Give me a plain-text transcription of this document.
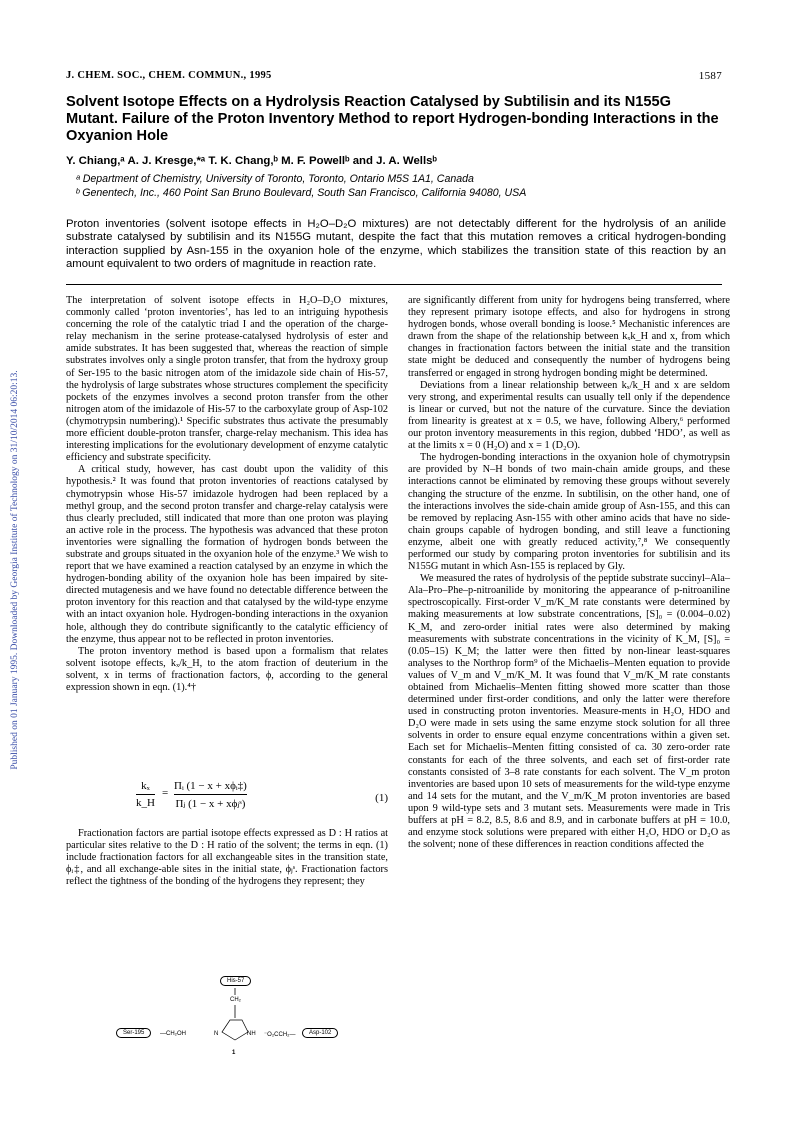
Published on 01 January 1995. Downloaded by Georgia Institute of Technology on 31/10/2014 06:20:13.
J. CHEM. SOC., CHEM. COMMUN., 1995	1587
Solvent Isotope Effects on a Hydrolysis Reaction Catalysed by Subtilisin and its N155G Mutant. Failure of the Proton Inventory Method to report Hydrogen-bonding Interactions in the Oxyanion Hole
Y. Chiang,ᵃ A. J. Kresge,*ᵃ T. K. Chang,ᵇ M. F. Powellᵇ and J. A. Wellsᵇ
ᵃ Department of Chemistry, University of Toronto, Toronto, Ontario M5S 1A1, Canada
ᵇ Genentech, Inc., 460 Point San Bruno Boulevard, South San Francisco, California 94080, USA
Proton inventories (solvent isotope effects in H₂O–D₂O mixtures) are not detectably different for the hydrolysis of an anilide substrate catalysed by subtilisin and its N155G mutant, despite the fact that this mutation removes a critical hydrogen-bonding interaction supplied by Asn-155 in the oxyanion hole of the enzyme, which stabilizes the transition state of this reaction by an amount equivalent to two orders of magnitude in reaction rate.

The interpretation of solvent isotope effects in H₂O–D₂O mixtures, commonly called ‘proton inventories’, has led to an intriguing hypothesis concerning the role of the catalytic triad I and the operation of the charge-relay mechanism in the serine protease-catalysed hydrolysis of ester and amide substrates. It has been suggested that, whereas the reaction of simple substrates involves only a single proton transfer, that from the hydroxy group of Ser-195 to the basic nitrogen atom of the imidazole side chain of His-57, the hydrolysis of large substrates whose structures complement the specificity pockets of the enzymes involves a second proton transfer from the other nitrogen atom of the imidazole of His-57 to the carboxylate group of Asp-102 (chymotrypsin numbering).¹ Specific substrates thus activate the presumably more efficient double-proton transfer, charge-relay mechanism. This idea has interesting implications for the evolutionary development of enzyme catalytic efficiency and substrate specificity.

A critical study, however, has cast doubt upon the validity of this hypothesis.² It was found that proton inventories of reactions catalysed by chymotrypsin whose His-57 imidazole hydrogen had been replaced by a methyl group, and the second proton transfer and charge-relay catalysis were thus clearly precluded, still indicated that more than one proton was playing an active role in the process. The hypothesis was advanced that these proton inventories were signalling the formation of hydrogen bonds between the substrate and groups situated in the oxyanion hole of the enzyme.³ We wish to report that we have examined a reaction catalysed by an enzyme in which the hydrogen-bonding ability of the oxyanion hole has been impaired by site-directed mutagenesis and we have found no detectable difference between the proton inventory for this reaction and that catalysed by the wild-type enzyme with an intact oxyanion hole. Hydrogen-bonding interactions in the oxyanion hole, although they do contribute significantly to the catalytic efficiency of the enzyme, thus appear not to be reflected in proton inventories.

The proton inventory method is based upon a formalism that relates solvent isotope effects, kₓ/k_H, to the atom fraction of deuterium in the solvent, x in terms of fractionation factors, ϕ, according to the general expression shown in eqn. (1).⁴†

$\frac{\text{kₓ}}{k\_H}$ =
Πᵢ (1 − x + xϕᵢ‡)
Πⱼ (1 − x + xϕⱼˢ)	(1)

Fractionation factors are partial isotope effects expressed as D : H ratios at particular sites relative to the D : H ratio of the solvent; the terms in eqn. (1) include fractionation factors for all exchangeable sites in the transition state, ϕᵢ‡, and all exchange-able sites in the initial state, ϕⱼˢ. Fractionation factors reflect the tightness of the bonding of the hydrogens they represent; they

His-57
CH₂
Ser-195	—CH₂OH	N	NH ⁻O₂CCH₂—	Asp-102
1

are significantly different from unity for hydrogens being transferred, where they represent primary isotope effects, and also for hydrogens in strong hydrogen bonds, whose overall bonding is loose.⁵ Mechanistic inferences are drawn from the shape of the relationship between kₓk_H and x, from which changes in fractionation factors between the initial state and the transition state might be deduced and consequently the number of hydrogens being transferred or engaged in strong hydrogen bonding might be determined.

Deviations from a linear relationship between kₓ/k_H and x are seldom very strong, and experimental results can usually tell only if the dependence is linear or curved, but not the nature of the curvature. Since the deviation from linearity is greatest at x = 0.5, we have, following Albery,⁶ performed our proton inventory measurements in this region, dubbed ‘HDO’, as well as at the limits x = 0 (H₂O) and x = 1 (D₂O).

The hydrogen-bonding interactions in the oxyanion hole of chymotrypsin are provided by N–H bonds of two main-chain amide groups, and these interactions cannot be eliminated by removing these groups without severely changing the structure of the enzme. In subtilisin, on the other hand, one of the interactions involves the side-chain amide group of Asn-155, and this can be removed by replacing Asn-155 with other amino acids that have no side-chain groups capable of hydrogen bonding, and still leave a functioning enzyme, albeit one with greatly reduced activity,⁷,⁸ We consequently performed our study by comparing proton inventories for subtilisin and its N155G mutant in which Asn-155 is replaced by Gly.

We measured the rates of hydrolysis of the peptide substrate succinyl–Ala–Ala–Pro–Phe–p-nitroanilide by monitoring the appearance of p-nitroaniline spectroscopically. First-order V_m/K_M rate constants were determined by making measurements at low substrate concentrations, [S]₀ = (0.004–0.02) K_M, and zero-order initial rates were also determined by making measurements with substrate concentrations in the vicinity of K_M, [S]₀ = (0.05–15) K_M; the latter were then fitted by non-linear least-squares analyses to the Northrop form⁹ of the Michaelis–Menten equation to provide values of V_m and V_m/K_M. It was found that V_m/K_M rate constants obtained from Michaelis–Menten fitting showed more scatter than those determined under first-order conditions, and only the latter were therefore used in constructing proton inventories. Measure-ments in H₂O, HDO and D₂O were made in sets using the same enzyme stock solution for all three solvents in order to ensure equal enzyme concentrations within a given set. Each set for Michaelis–Menten fitting consisted of ca. 30 zero-order rate constants for each of the three solvents, and each set of first-order rate constants consisted of 3–8 rate constants for each solvent. The V_m proton inventories are based upon 10 sets of measurements for the wild-type enzyme and 14 sets for the mutant, and the V_m/K_M proton inventories are based upon 9 wild-type sets and 3 mutant sets. Measurements were made in Tris buffers at pH = 8.2, 8.5, 8.6 and 8.9, and in carbonate buffers at pH = 10.0, and enzyme stock solutions were prepared with either H₂O, HDO or D₂O as the solvent; none of these differences in reaction conditions affected the
